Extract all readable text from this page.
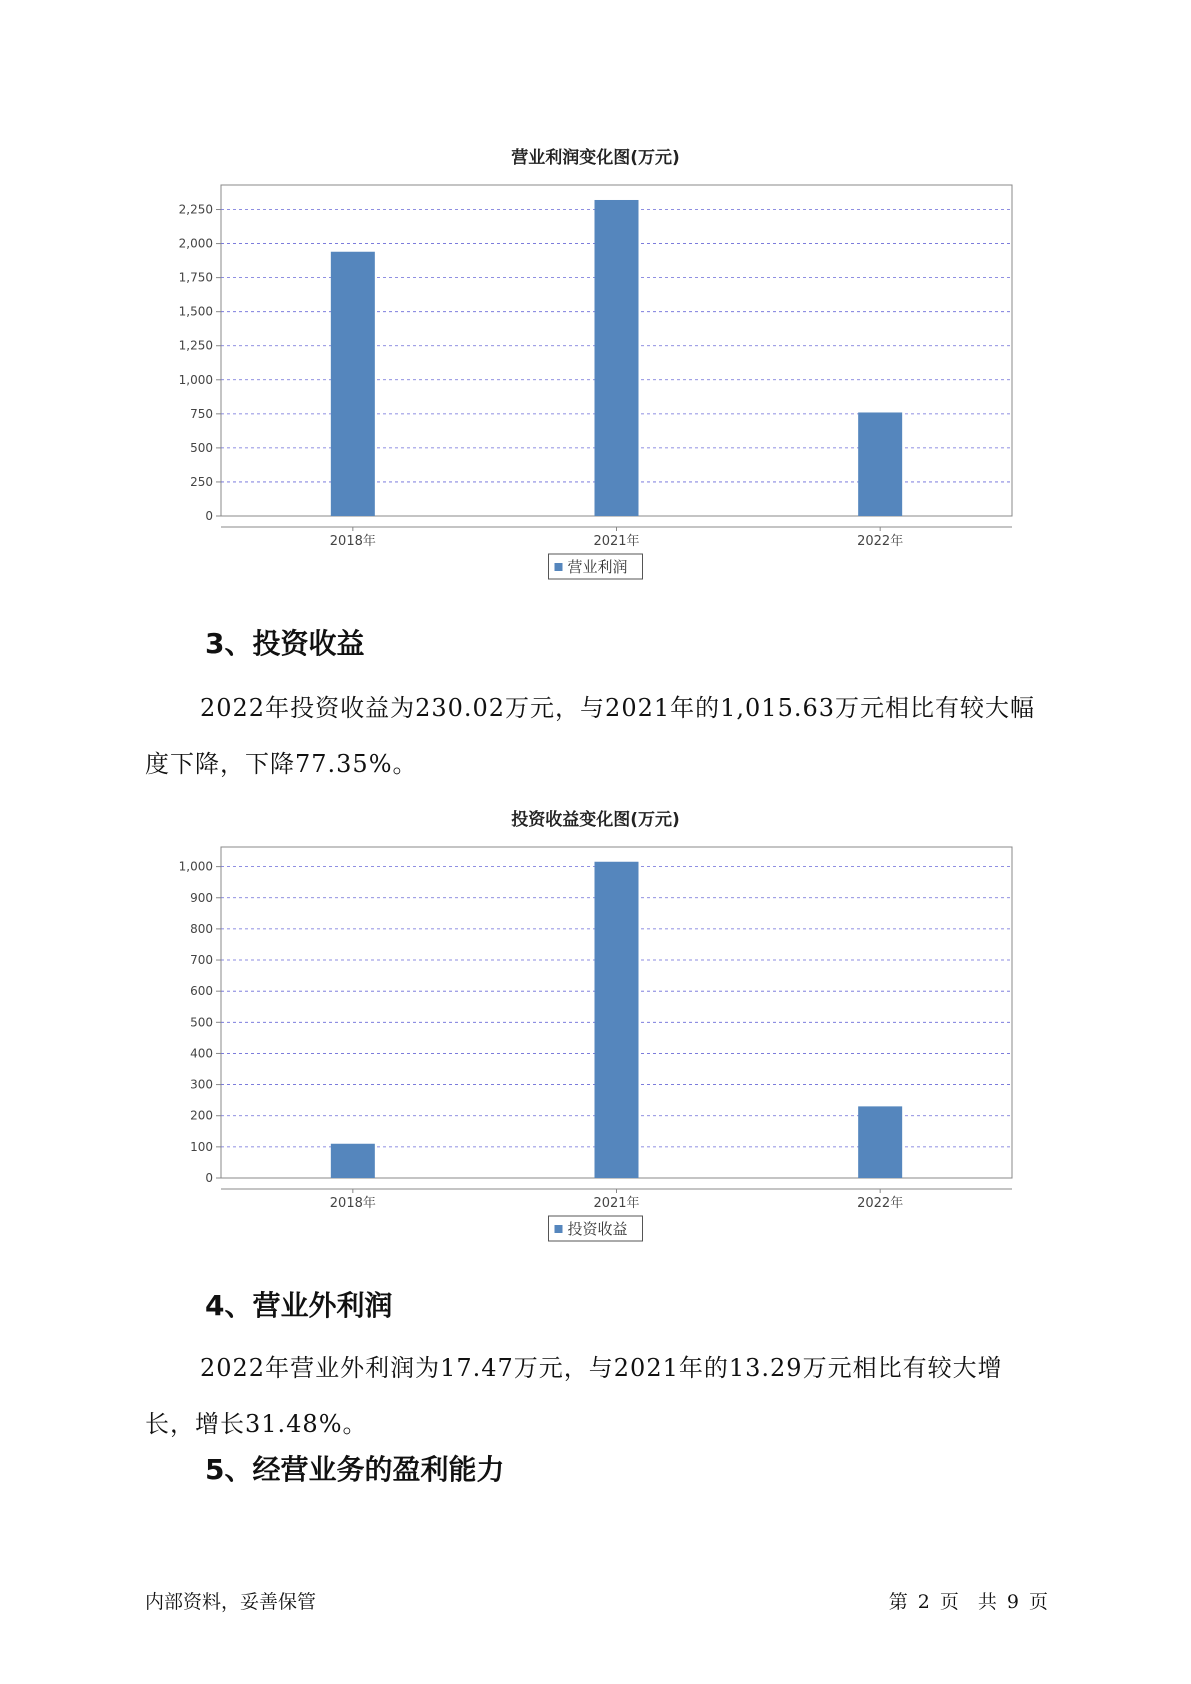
营业利润变化图(万元)
0
250
500
750
1,000
1,250
1,500
1,750
2,000
2,250
2018年	2021年	2022年
营业利润
3、投资收益
2022年投资收益为230.02万元，与2021年的1,015.63万元相比有较大幅度下降，下降77.35%。
投资收益变化图(万元)
0
100
200
300
400
500
600
700
800
900
1,000
2018年	2021年	2022年
投资收益
4、营业外利润
2022年营业外利润为17.47万元，与2021年的13.29万元相比有较大增长，增长31.48%。
5、经营业务的盈利能力
内部资料，妥善保管	第 2 页　共 9 页
